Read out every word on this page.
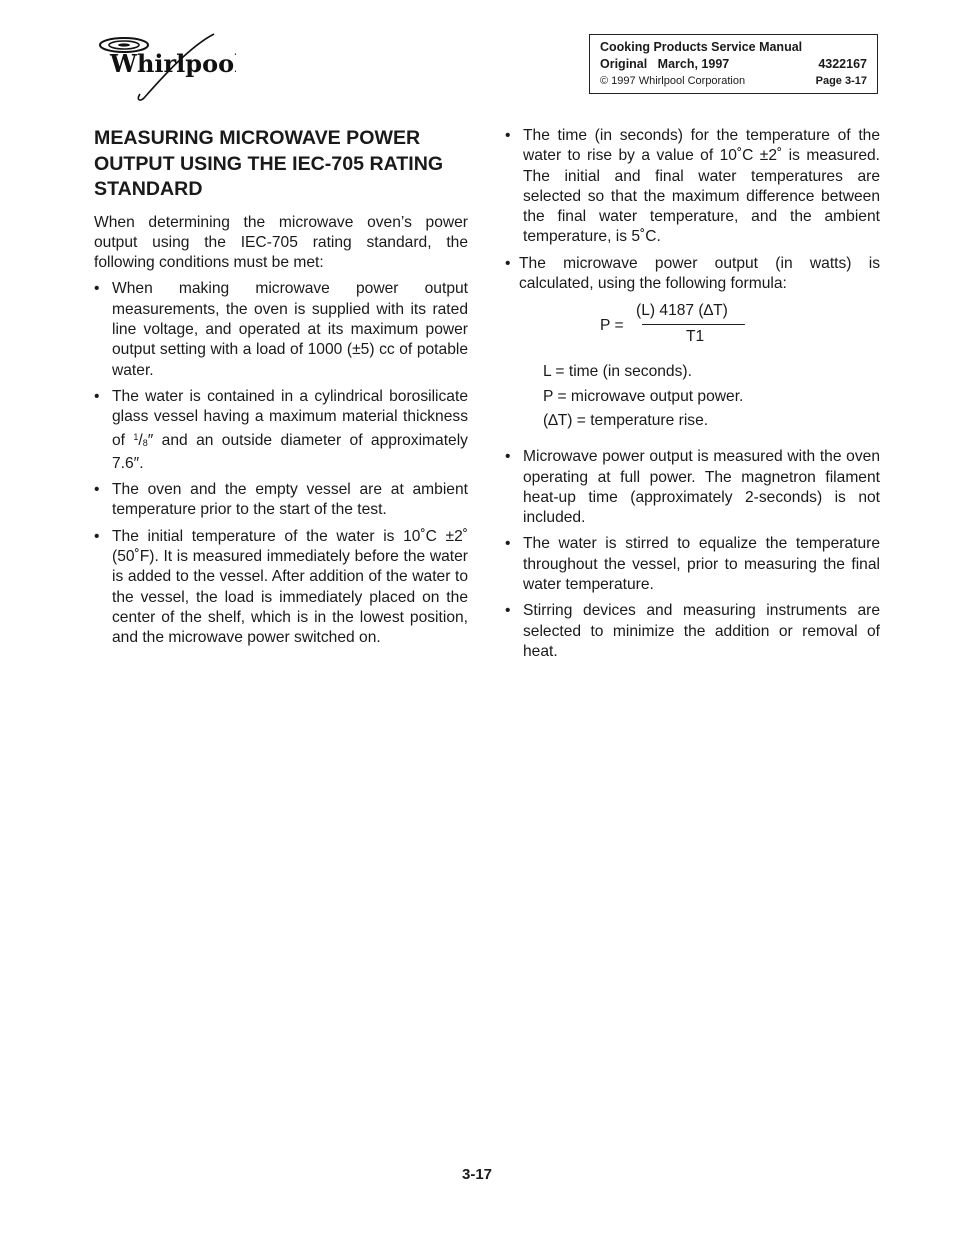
Whirlpool
Cooking Products Service Manual
Original March, 1997	4322167
© 1997 Whirlpool Corporation	Page 3-17
MEASURING MICROWAVE POWER OUTPUT USING THE IEC-705 RATING STANDARD

When determining the microwave oven’s power output using the IEC-705 rating standard, the following conditions must be met:

• When making microwave power output measurements, the oven is supplied with its rated line voltage, and operated at its maximum power output setting with a load of 1000 (±5) cc of potable water.
• The water is contained in a cylindrical borosilicate glass vessel having a maximum material thickness of $^1/_8''$ and an outside diameter of approximately 7.6″.
• The oven and the empty vessel are at ambient temperature prior to the start of the test.
• The initial temperature of the water is 10˚C ±2˚ (50˚F). It is measured immediately before the water is added to the vessel. After addition of the water to the vessel, the load is immediately placed on the center of the shelf, which is in the lowest position, and the microwave power switched on.
• The time (in seconds) for the temperature of the water to rise by a value of 10˚C ±2˚ is measured. The initial and final water temperatures are selected so that the maximum difference between the final water temperature, and the ambient temperature, is 5˚C.
• The microwave power output (in watts) is calculated, using the following formula:
P =
(L) 4187 (∆T)
T1
L = time (in seconds).
P = microwave output power.
(∆T) = temperature rise.
• Microwave power output is measured with the oven operating at full power. The magnetron filament heat-up time (approximately 2-seconds) is not included.
• The water is stirred to equalize the temperature throughout the vessel, prior to measuring the final water temperature.
• Stirring devices and measuring instruments are selected to minimize the addition or removal of heat.
3-17
